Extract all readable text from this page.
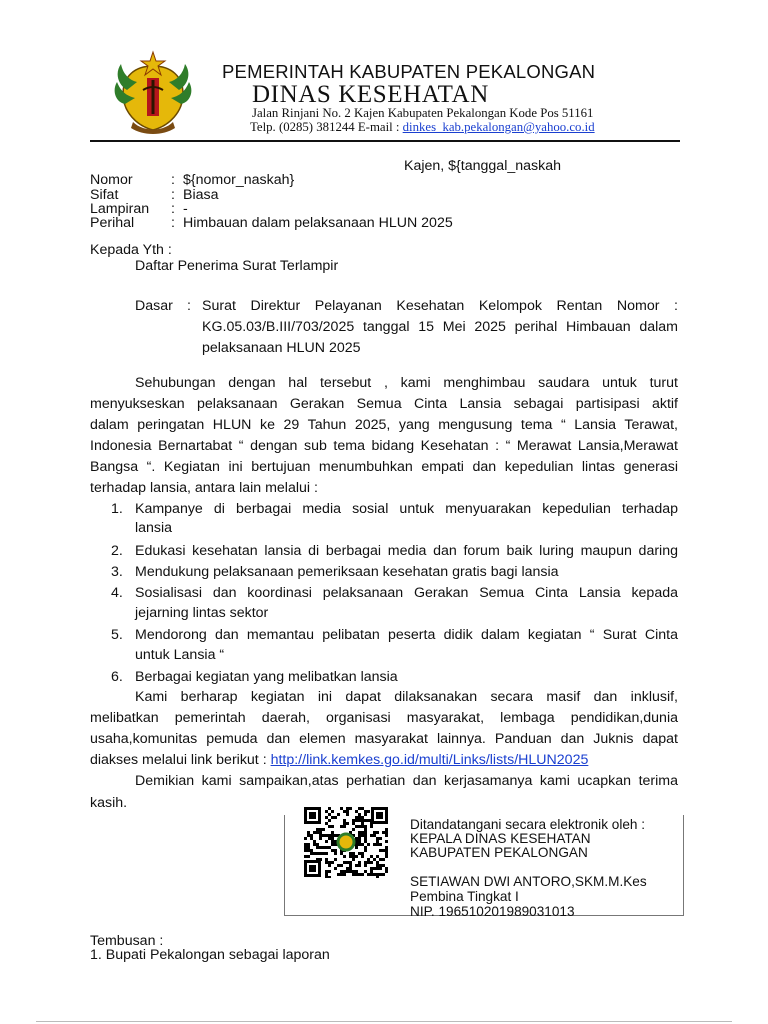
PEMERINTAH KABUPATEN PEKALONGAN
DINAS KESEHATAN
Jalan Rinjani No. 2 Kajen Kabupaten Pekalongan Kode Pos 51161
Telp. (0285) 381244 E-mail : dinkes_kab.pekalongan@yahoo.co.id
Kajen, ${tanggal_naskah
Nomor	: ${nomor_naskah}
Sifat	: Biasa
Lampiran	: -
Perihal	: Himbauan dalam pelaksanaan HLUN 2025
Kepada Yth :
Daftar Penerima Surat Terlampir
Dasar : Surat Direktur Pelayanan Kesehatan Kelompok Rentan Nomor :
KG.05.03/B.III/703/2025 tanggal 15 Mei 2025 perihal Himbauan dalam
pelaksanaan HLUN 2025
Sehubungan dengan hal tersebut , kami menghimbau saudara untuk turut
menyukseskan pelaksanaan Gerakan Semua Cinta Lansia sebagai partisipasi aktif
dalam peringatan HLUN ke 29 Tahun 2025, yang mengusung tema “ Lansia Terawat,
Indonesia Bernartabat “ dengan sub tema bidang Kesehatan : “ Merawat Lansia,Merawat
Bangsa “. Kegiatan ini bertujuan menumbuhkan empati dan kepedulian lintas generasi
terhadap lansia, antara lain melalui :
1. Kampanye di berbagai media sosial untuk menyuarakan kepedulian terhadap
lansia
2. Edukasi kesehatan lansia di berbagai media dan forum baik luring maupun daring
3. Mendukung pelaksanaan pemeriksaan kesehatan gratis bagi lansia
4. Sosialisasi dan koordinasi pelaksanaan Gerakan Semua Cinta Lansia kepada
jejarning lintas sektor
5. Mendorong dan memantau pelibatan peserta didik dalam kegiatan “ Surat Cinta
untuk Lansia “
6. Berbagai kegiatan yang melibatkan lansia
Kami berharap kegiatan ini dapat dilaksanakan secara masif dan inklusif,
melibatkan pemerintah daerah, organisasi masyarakat, lembaga pendidikan,dunia
usaha,komunitas pemuda dan elemen masyarakat lainnya. Panduan dan Juknis dapat
diakses melalui link berikut : http://link.kemkes.go.id/multi/Links/lists/HLUN2025
Demikian kami sampaikan,atas perhatian dan kerjasamanya kami ucapkan terima
kasih.
Ditandatangani secara elektronik oleh :
KEPALA DINAS KESEHATAN
KABUPATEN PEKALONGAN
SETIAWAN DWI ANTORO,SKM.M.Kes
Pembina Tingkat I
NIP. 196510201989031013
Tembusan :
1. Bupati Pekalongan sebagai laporan
